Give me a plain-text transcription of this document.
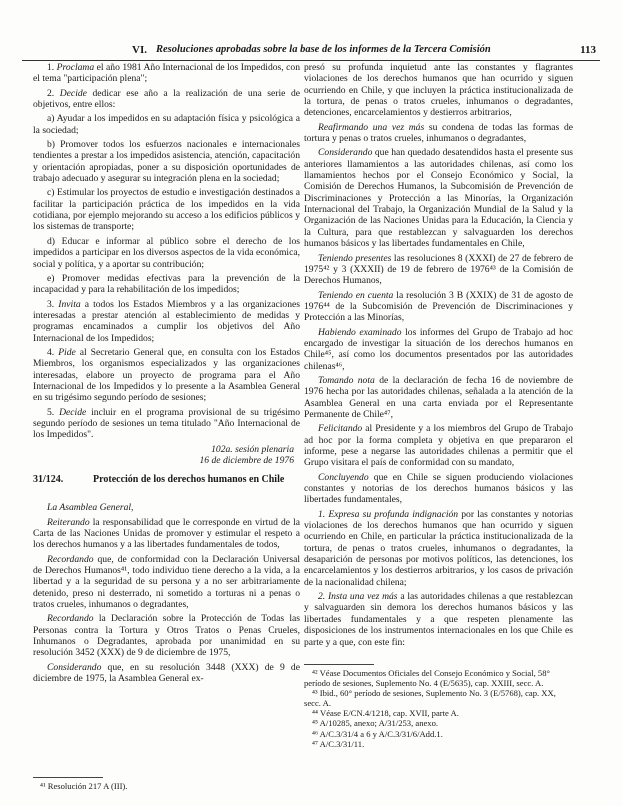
VI. Resoluciones aprobadas sobre la base de los informes de la Tercera Comisión	113

1. Proclama el año 1981 Año Internacional de los Impedidos, con el tema "participación plena";

2. Decide dedicar ese año a la realización de una serie de objetivos, entre ellos:

a) Ayudar a los impedidos en su adaptación física y psicológica a la sociedad;

b) Promover todos los esfuerzos nacionales e internacionales tendientes a prestar a los impedidos asistencia, atención, capacitación y orientación apropiadas, poner a su disposición oportunidades de trabajo adecuado y asegurar su integración plena en la sociedad;

c) Estimular los proyectos de estudio e investigación destinados a facilitar la participación práctica de los impedidos en la vida cotidiana, por ejemplo mejorando su acceso a los edificios públicos y los sistemas de transporte;

d) Educar e informar al público sobre el derecho de los impedidos a participar en los diversos aspectos de la vida económica, social y política, y a aportar su contribución;

e) Promover medidas efectivas para la prevención de la incapacidad y para la rehabilitación de los impedidos;

3. Invita a todos los Estados Miembros y a las organizaciones interesadas a prestar atención al establecimiento de medidas y programas encaminados a cumplir los objetivos del Año Internacional de los Impedidos;

4. Pide al Secretario General que, en consulta con los Estados Miembros, los organismos especializados y las organizaciones interesadas, elabore un proyecto de programa para el Año Internacional de los Impedidos y lo presente a la Asamblea General en su trigésimo segundo período de sesiones;

5. Decide incluir en el programa provisional de su trigésimo segundo período de sesiones un tema titulado "Año Internacional de los Impedidos".

102a. sesión plenaria
16 de diciembre de 1976

31/124.	Protección de los derechos humanos en Chile

La Asamblea General,

Reiterando la responsabilidad que le corresponde en virtud de la Carta de las Naciones Unidas de promover y estimular el respeto a los derechos humanos y a las libertades fundamentales de todos,

Recordando que, de conformidad con la Declaración Universal de Derechos Humanos⁴¹, todo individuo tiene derecho a la vida, a la libertad y a la seguridad de su persona y a no ser arbitrariamente detenido, preso ni desterrado, ni sometido a torturas ni a penas o tratos crueles, inhumanos o degradantes,

Recordando la Declaración sobre la Protección de Todas las Personas contra la Tortura y Otros Tratos o Penas Crueles, Inhumanos o Degradantes, aprobada por unanimidad en su resolución 3452 (XXX) de 9 de diciembre de 1975,

Considerando que, en su resolución 3448 (XXX) de 9 de diciembre de 1975, la Asamblea General ex-

⁴¹ Resolución 217 A (III).

presó su profunda inquietud ante las constantes y flagrantes violaciones de los derechos humanos que han ocurrido y siguen ocurriendo en Chile, y que incluyen la práctica institucionalizada de la tortura, de penas o tratos crueles, inhumanos o degradantes, detenciones, encarcelamientos y destierros arbitrarios,

Reafirmando una vez más su condena de todas las formas de tortura y penas o tratos crueles, inhumanos o degradantes,

Considerando que han quedado desatendidos hasta el presente sus anteriores llamamientos a las autoridades chilenas, así como los llamamientos hechos por el Consejo Económico y Social, la Comisión de Derechos Humanos, la Subcomisión de Prevención de Discriminaciones y Protección a las Minorías, la Organización Internacional del Trabajo, la Organización Mundial de la Salud y la Organización de las Naciones Unidas para la Educación, la Ciencia y la Cultura, para que restablezcan y salvaguarden los derechos humanos básicos y las libertades fundamentales en Chile,

Teniendo presentes las resoluciones 8 (XXXI) de 27 de febrero de 1975⁴² y 3 (XXXII) de 19 de febrero de 1976⁴³ de la Comisión de Derechos Humanos,

Teniendo en cuenta la resolución 3 B (XXIX) de 31 de agosto de 1976⁴⁴ de la Subcomisión de Prevención de Discriminaciones y Protección a las Minorías,

Habiendo examinado los informes del Grupo de Trabajo ad hoc encargado de investigar la situación de los derechos humanos en Chile⁴⁵, así como los documentos presentados por las autoridades chilenas⁴⁶,

Tomando nota de la declaración de fecha 16 de noviembre de 1976 hecha por las autoridades chilenas, señalada a la atención de la Asamblea General en una carta enviada por el Representante Permanente de Chile⁴⁷,

Felicitando al Presidente y a los miembros del Grupo de Trabajo ad hoc por la forma completa y objetiva en que prepararon el informe, pese a negarse las autoridades chilenas a permitir que el Grupo visitara el país de conformidad con su mandato,

Concluyendo que en Chile se siguen produciendo violaciones constantes y notorias de los derechos humanos básicos y las libertades fundamentales,

1. Expresa su profunda indignación por las constantes y notorias violaciones de los derechos humanos que han ocurrido y siguen ocurriendo en Chile, en particular la práctica institucionalizada de la tortura, de penas o tratos crueles, inhumanos o degradantes, la desaparición de personas por motivos políticos, las detenciones, los encarcelamientos y los destierros arbitrarios, y los casos de privación de la nacionalidad chilena;

2. Insta una vez más a las autoridades chilenas a que restablezcan y salvaguarden sin demora los derechos humanos básicos y las libertades fundamentales y a que respeten plenamente las disposiciones de los instrumentos internacionales en los que Chile es parte y a que, con este fin:

⁴² Véase Documentos Oficiales del Consejo Económico y Social, 58° período de sesiones, Suplemento No. 4 (E/5635), cap. XXIII, secc. A.
⁴³ Ibid., 60° período de sesiones, Suplemento No. 3 (E/5768), cap. XX, secc. A.
⁴⁴ Véase E/CN.4/1218, cap. XVII, parte A.
⁴⁵ A/10285, anexo; A/31/253, anexo.
⁴⁶ A/C.3/31/4 a 6 y A/C.3/31/6/Add.1.
⁴⁷ A/C.3/31/11.
